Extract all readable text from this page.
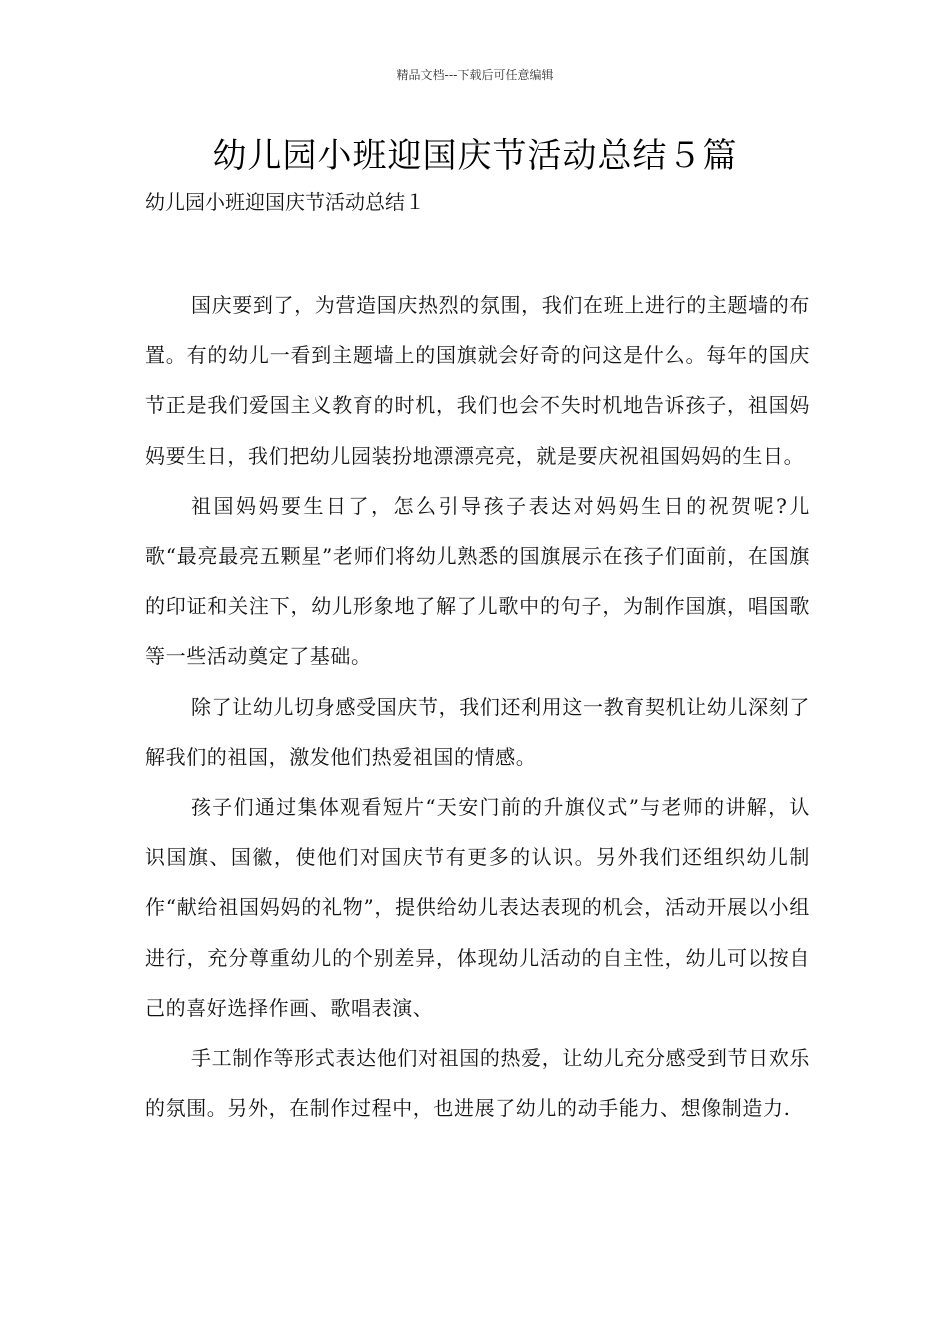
精品文档---下载后可任意编辑
幼儿园小班迎国庆节活动总结５篇
幼儿园小班迎国庆节活动总结１

国庆要到了，为营造国庆热烈的氛围，我们在班上进行的主题墙的布置。有的幼儿一看到主题墙上的国旗就会好奇的问这是什么。每年的国庆节正是我们爱国主义教育的时机，我们也会不失时机地告诉孩子，祖国妈妈要生日，我们把幼儿园装扮地漂漂亮亮，就是要庆祝祖国妈妈的生日。

祖国妈妈要生日了，怎么引导孩子表达对妈妈生日的祝贺呢?儿歌“最亮最亮五颗星”老师们将幼儿熟悉的国旗展示在孩子们面前，在国旗的印证和关注下，幼儿形象地了解了儿歌中的句子，为制作国旗，唱国歌等一些活动奠定了基础。

除了让幼儿切身感受国庆节，我们还利用这一教育契机让幼儿深刻了解我们的祖国，激发他们热爱祖国的情感。

孩子们通过集体观看短片“天安门前的升旗仪式”与老师的讲解，认识国旗、国徽，使他们对国庆节有更多的认识。另外我们还组织幼儿制作“献给祖国妈妈的礼物”，提供给幼儿表达表现的机会，活动开展以小组进行，充分尊重幼儿的个别差异，体现幼儿活动的自主性，幼儿可以按自己的喜好选择作画、歌唱表演、

手工制作等形式表达他们对祖国的热爱，让幼儿充分感受到节日欢乐的氛围。另外，在制作过程中，也进展了幼儿的动手能力、想像制造力.
